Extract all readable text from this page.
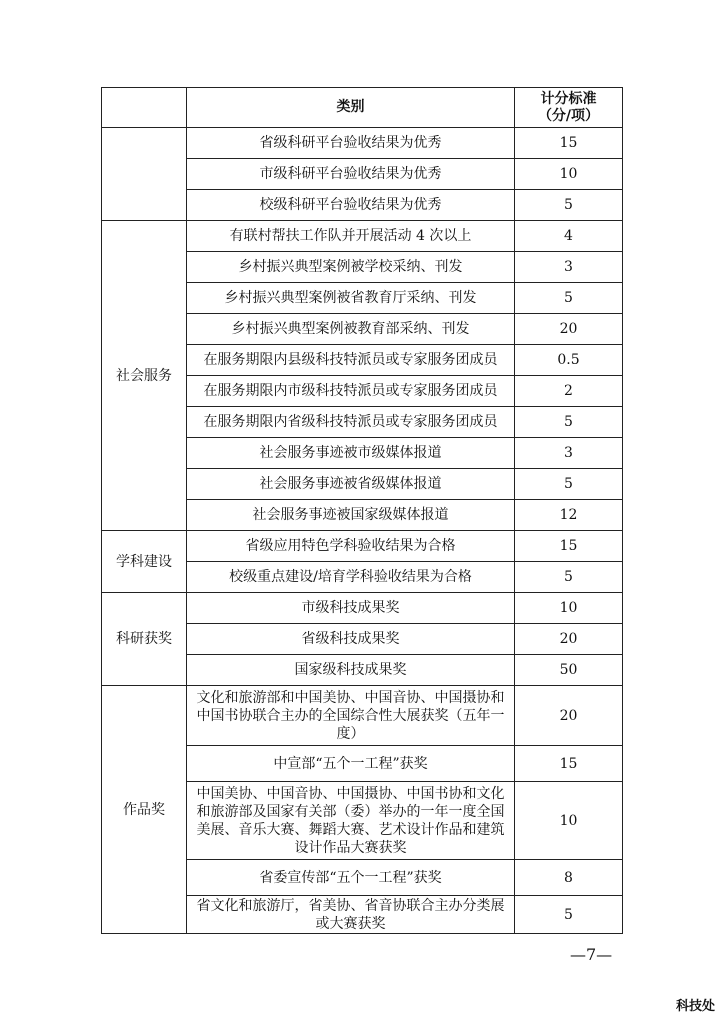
	类别	计分标准
（分/项）
	省级科研平台验收结果为优秀	15
	市级科研平台验收结果为优秀	10
	校级科研平台验收结果为优秀	5
社会服务	有联村帮扶工作队并开展活动 4 次以上	4
	乡村振兴典型案例被学校采纳、刊发	3
	乡村振兴典型案例被省教育厅采纳、刊发	5
	乡村振兴典型案例被教育部采纳、刊发	20
	在服务期限内县级科技特派员或专家服务团成员	0.5
	在服务期限内市级科技特派员或专家服务团成员	2
	在服务期限内省级科技特派员或专家服务团成员	5
	社会服务事迹被市级媒体报道	3
	社会服务事迹被省级媒体报道	5
	社会服务事迹被国家级媒体报道	12
学科建设	省级应用特色学科验收结果为合格	15
	校级重点建设/培育学科验收结果为合格	5
科研获奖	市级科技成果奖	10
	省级科技成果奖	20
	国家级科技成果奖	50
作品奖	文化和旅游部和中国美协、中国音协、中国摄协和中国书协联合主办的全国综合性大展获奖（五年一度）	20
	中宣部“五个一工程”获奖	15
	中国美协、中国音协、中国摄协、中国书协和文化和旅游部及国家有关部（委）举办的一年一度全国美展、音乐大赛、舞蹈大赛、艺术设计作品和建筑设计作品大赛获奖	10
	省委宣传部“五个一工程”获奖	8
	省文化和旅游厅，省美协、省音协联合主办分类展或大赛获奖	5
—7—
科技处
